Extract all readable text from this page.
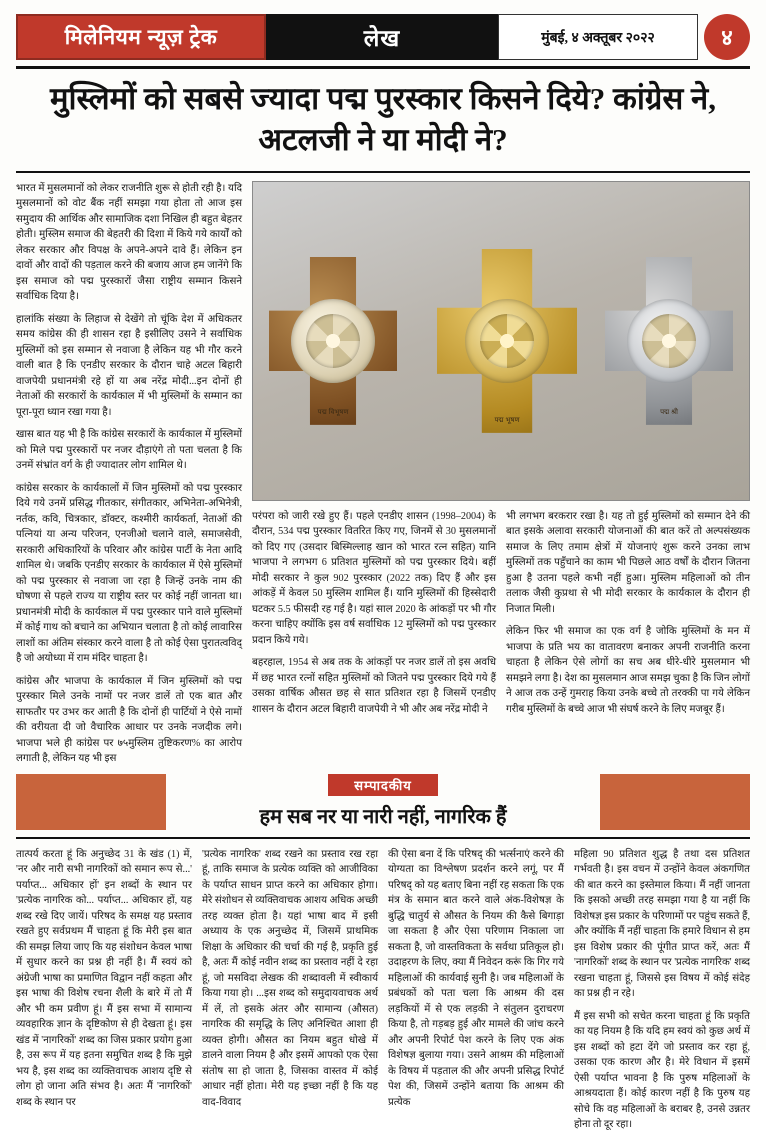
मिलेनियम न्यूज़ ट्रेक	लेख	मुंबई, ४ अक्तूबर २०२२	४
मुस्लिमों को सबसे ज्यादा पद्म पुरस्कार किसने दिये? कांग्रेस ने, अटलजी ने या मोदी ने?

भारत में मुसलमानों को लेकर राजनीति शुरू से होती रही है। यदि मुसलमानों को वोट बैंक नहीं समझा गया होता तो आज इस समुदाय की आर्थिक और सामाजिक दशा निखिल ही बहुत बेहतर होती। मुस्लिम समाज की बेहतरी की दिशा में किये गये कार्यों को लेकर सरकार और विपक्ष के अपने-अपने दावे हैं। लेकिन इन दावों और वादों की पड़ताल करने की बजाय आज हम जानेंगे कि इस समाज को पद्म पुरस्कारों जैसा राष्ट्रीय सम्मान किसने सर्वाधिक दिया है।

हालांकि संख्या के लिहाज से देखेंगे तो चूंकि देश में अधिकतर समय कांग्रेस की ही शासन रहा है इसीलिए उसने ने सर्वाधिक मुस्लिमों को इस सम्मान से नवाजा है लेकिन यह भी गौर करने वाली बात है कि एनडीए सरकार के दौरान चाहे अटल बिहारी वाजपेयी प्रधानमंत्री रहे हों या अब नरेंद्र मोदी...इन दोनों ही नेताओं की सरकारों के कार्यकाल में भी मुस्लिमों के सम्मान का पूरा-पूरा ध्यान रखा गया है।

खास बात यह भी है कि कांग्रेस सरकारों के कार्यकाल में मुस्लिमों को मिले पद्म पुरस्कारों पर नजर दौड़ाएंगे तो पता चलता है कि उनमें संभ्रांत वर्ग के ही ज्यादातर लोग शामिल थे।

कांग्रेस सरकार के कार्यकालों में जिन मुस्लिमों को पद्म पुरस्कार दिये गये उनमें प्रसिद्ध गीतकार, संगीतकार, अभिनेता-अभिनेत्री, नर्तक, कवि, चित्रकार, डॉक्टर, कश्मीरी कार्यकर्ता, नेताओं की पत्नियां या अन्य परिजन, एनजीओ चलाने वाले, समाजसेवी, सरकारी अधिकारियों के परिवार और कांग्रेस पार्टी के नेता आदि शामिल थे। जबकि एनडीए सरकार के कार्यकाल में ऐसे मुस्लिमों को पद्म पुरस्कार से नवाजा जा रहा है जिन्हें उनके नाम की घोषणा से पहले राज्य या राष्ट्रीय स्तर पर कोई नहीं जानता था। प्रधानमंत्री मोदी के कार्यकाल में पद्म पुरस्कार पाने वाले मुस्लिमों में कोई गाथ को बचाने का अभियान चलाता है तो कोई लावारिस लाशों का अंतिम संस्कार करने वाला है तो कोई ऐसा पुरातत्वविद् है जो अयोध्या में राम मंदिर चाहता है।

कांग्रेस और भाजपा के कार्यकाल में जिन मुस्लिमों को पद्म पुरस्कार मिले उनके नामों पर नजर डालें तो एक बात और साफतौर पर उभर कर आती है कि दोनों ही पार्टियों ने ऐसे नामों की वरीयता दी जो वैचारिक आधार पर उनके नजदीक लगे। भाजपा भले ही कांग्रेस पर ७५मुस्लिम तुष्टिकरण% का आरोप लगाती है, लेकिन यह भी इस

पद्म विभूषण
पद्म भूषण
पद्म श्री

परंपरा को जारी रखे हुए हैं। पहले एनडीए शासन (1998–2004) के दौरान, 534 पद्म पुरस्कार वितरित किए गए, जिनमें से 30 मुसलमानों को दिए गए (उसदार बिस्मिल्लाह खान को भारत रत्न सहित) यानि भाजपा ने लगभग 6 प्रतिशत मुस्लिमों को पद्म पुरस्कार दिये। बहीं मोदी सरकार ने कुल 902 पुरस्कार (2022 तक) दिए हैं और इस आंकड़ें में केवल 50 मुस्लिम शामिल हैं। यानि मुस्लिमों की हिस्सेदारी घटकर 5.5 फीसदी रह गई है। यहां साल 2020 के आंकड़ों पर भी गौर करना चाहिए क्योंकि इस वर्ष सर्वाधिक 12 मुस्लिमों को पद्म पुरस्कार प्रदान किये गये।

बहरहाल, 1954 से अब तक के आंकड़ों पर नजर डालें तो इस अवधि में छह भारत रत्नों सहित मुस्लिमों को जितने पद्म पुरस्कार दिये गये हैं उसका वार्षिक औसत छह से सात प्रतिशत रहा है जिसमें एनडीए शासन के दौरान अटल बिहारी वाजपेयी ने भी और अब नरेंद्र मोदी ने

भी लगभग बरकरार रखा है। यह तो हुई मुस्लिमों को सम्मान देने की बात इसके अलावा सरकारी योजनाओं की बात करें तो अल्पसंख्यक समाज के लिए तमाम क्षेत्रों में योजनाएं शुरू करने उनका लाभ मुस्लिमों तक पहुँचाने का काम भी पिछले आठ वर्षों के दौरान जितना हुआ है उतना पहले कभी नहीं हुआ। मुस्लिम महिलाओं को तीन तलाक जैसी कुप्रथा से भी मोदी सरकार के कार्यकाल के दौरान ही निजात मिली।

लेकिन फिर भी समाज का एक वर्ग है जोकि मुस्लिमों के मन में भाजपा के प्रति भय का वातावरण बनाकर अपनी राजनीति करना चाहता है लेकिन ऐसे लोगों का सच अब धीरे-धीरे मुसलमान भी समझने लगा है। देश का मुसलमान आज समझ चुका है कि जिन लोगों ने आज तक उन्हें गुमराह किया उनके बच्चे तो तरक्की पा गये लेकिन गरीब मुस्लिमों के बच्चे आज भी संघर्ष करने के लिए मजबूर हैं।

सम्पादकीय
हम सब नर या नारी नहीं, नागरिक हैं

तात्पर्य करता हूं कि अनुच्छेद 31 के खंड (1) में, 'नर और नारी सभी नागरिकों को समान रूप से...' पर्याप्त... अधिकार हों' इन शब्दों के स्थान पर 'प्रत्येक नागरिक को... पर्याप्त... अधिकार हों, यह शब्द रखे दिए जायें। परिषद के समक्ष यह प्रस्ताव रखते हुए सर्वप्रथम मैं चाहता हूं कि मेरी इस बात की समझ लिया जाए कि यह संशोधन केवल भाषा में सुधार करने का प्रश्न ही नहीं है। मैं स्वयं को अंग्रेजी भाषा का प्रमाणित विद्वान नहीं कहता और इस भाषा की विशेष रचना शैली के बारे में तो मैं और भी कम प्रवीण हूं। मैं इस सभा में सामान्य व्यवहारिक ज्ञान के दृष्टिकोण से ही देखता हूं। इस खंड में 'नागरिकों' शब्द का जिस प्रकार प्रयोग हुआ है, उस रूप में यह इतना समुचित शब्द है कि मुझे भय है, इस शब्द का व्यक्तिवाचक आशय दृष्टि से लोग हो जाना अति संभव है। अतः मैं 'नागरिकों' शब्द के स्थान पर

'प्रत्येक नागरिक' शब्द रखने का प्रस्ताव रख रहा हूं, ताकि समाज के प्रत्येक व्यक्ति को आजीविका के पर्याप्त साधन प्राप्त करने का अधिकार होगा। मेरे संशोधन से व्यक्तिवाचक आशय अधिक अच्छी तरह व्यक्त होता है। यहां भाषा बाद में इसी अध्याय के एक अनुच्छेद में, जिसमें प्राथमिक शिक्षा के अधिकार की चर्चा की गई है, प्रकृति हुई है, अतः मैं कोई नवीन शब्द का प्रस्ताव नहीं दे रहा हूं, जो मसविदा लेखक की शब्दावली में स्वीकार्य किया गया हो। ...इस शब्द को समुदायवाचक अर्थ में लें, तो इसके अंतर और सामान्य (औसत) नागरिक की समृद्धि के लिए अनिश्चित आशा ही व्यक्त होगी। औसत का नियम बहुत धोखे में डालने वाला नियम है और इसमें आपको एक ऐसा संतोष सा हो जाता है, जिसका वास्तव में कोई आधार नहीं होता। मेरी यह इच्छा नहीं है कि यह वाद-विवाद

की ऐसा बना दें कि परिषद् की भर्त्सनाएं करने की योग्यता का विश्लेषण प्रदर्शन करने लगूं, पर मैं परिषद् को यह बताए बिना नहीं रह सकता कि एक मंत्र के समान बात करने वाले अंक-विशेषज्ञ के बुद्धि चातुर्य से औसत के नियम की कैसे बिगाड़ा जा सकता है और ऐसा परिणाम निकाला जा सकता है, जो वास्तविकता के सर्वथा प्रतिकूल हो। उदाहरण के लिए, क्या मैं निवेदन करूं कि गिर गये महिलाओं की कार्यवाई सुनी है। जब महिलाओं के प्रबंधकों को पता चला कि आश्रम की दस लड़कियों में से एक लड़की ने संतुलन दुराचरण किया है, तो गड़बड़ हुई और मामले की जांच करने और अपनी रिपोर्ट पेश करने के लिए एक अंक विशेषज्ञ बुलाया गया। उसने आश्रम की महिलाओं के विषय में पड़ताल की और अपनी प्रसिद्ध रिपोर्ट पेश की, जिसमें उन्होंने बताया कि आश्रम की प्रत्येक

महिला 90 प्रतिशत शुद्ध है तथा दस प्रतिशत गर्भवती है। इस वचन में उन्होंने केवल अंकगणित की बात करने का इस्तेमाल किया। मैं नहीं जानता कि इसको अच्छी तरह समझा गया है या नहीं कि विशेषज्ञ इस प्रकार के परिणामों पर पहुंच सकते हैं, और क्योंकि मैं नहीं चाहता कि हमारे विधान से हम इस विशेष प्रकार की पूंगीत प्राप्त करें, अतः मैं 'नागरिकों' शब्द के स्थान पर 'प्रत्येक नागरिक' शब्द रखना चाहता हूं, जिससे इस विषय में कोई संदेह का प्रश्न ही न रहे।

मैं इस सभी को सचेत करना चाहता हूं कि प्रकृति का यह नियम है कि यदि हम स्वयं को कुछ अर्थ में इस शब्दों को हटा देंगे जो प्रस्ताव कर रहा हूं, उसका एक कारण और है। मेरे विधान में इसमें ऐसी पर्याप्त भावना है कि पुरुष महिलाओं के आश्रयदाता हैं। कोई कारण नहीं है कि पुरुष यह सोचे कि वह महिलाओं के बराबर है, उनसे उन्नतर होना तो दूर रहा।
